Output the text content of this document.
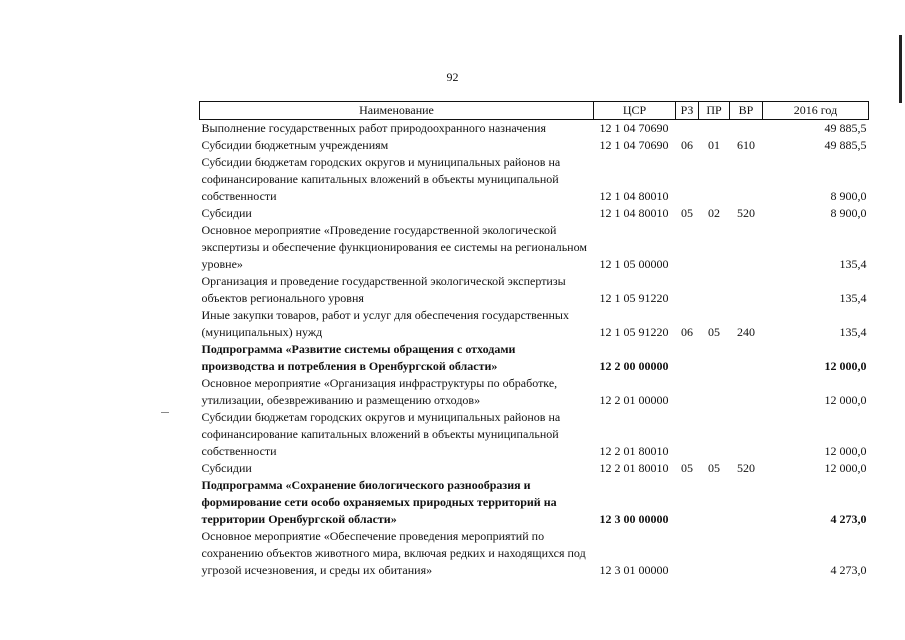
92
Наименование	ЦСР	РЗ	ПР	ВР	2016 год
Выполнение государственных работ природоохранного назначения	12 1 04 70690				49 885,5
Субсидии бюджетным учреждениям	12 1 04 70690	06	01	610	49 885,5
Субсидии бюджетам городских округов и муниципальных районов на софинансирование капитальных вложений в объекты муниципальной собственности	12 1 04 80010				8 900,0
Субсидии	12 1 04 80010	05	02	520	8 900,0
Основное мероприятие «Проведение государственной экологической экспертизы и обеспечение функционирования ее системы на региональном уровне»	12 1 05 00000				135,4
Организация и проведение государственной экологической экспертизы объектов регионального уровня	12 1 05 91220				135,4
Иные закупки товаров, работ и услуг для обеспечения государственных (муниципальных) нужд	12 1 05 91220	06	05	240	135,4
Подпрограмма «Развитие системы обращения с отходами производства и потребления в Оренбургской области»	12 2 00 00000				12 000,0
Основное мероприятие «Организация инфраструктуры по обработке, утилизации, обезвреживанию и размещению отходов»	12 2 01 00000				12 000,0
Субсидии бюджетам городских округов и муниципальных районов на софинансирование капитальных вложений в объекты муниципальной собственности	12 2 01 80010				12 000,0
Субсидии	12 2 01 80010	05	05	520	12 000,0
Подпрограмма «Сохранение биологического разнообразия и формирование сети особо охраняемых природных территорий на территории Оренбургской области»	12 3 00 00000				4 273,0
Основное мероприятие «Обеспечение проведения мероприятий по сохранению объектов животного мира, включая редких и находящихся под угрозой исчезновения, и среды их обитания»	12 3 01 00000				4 273,0
